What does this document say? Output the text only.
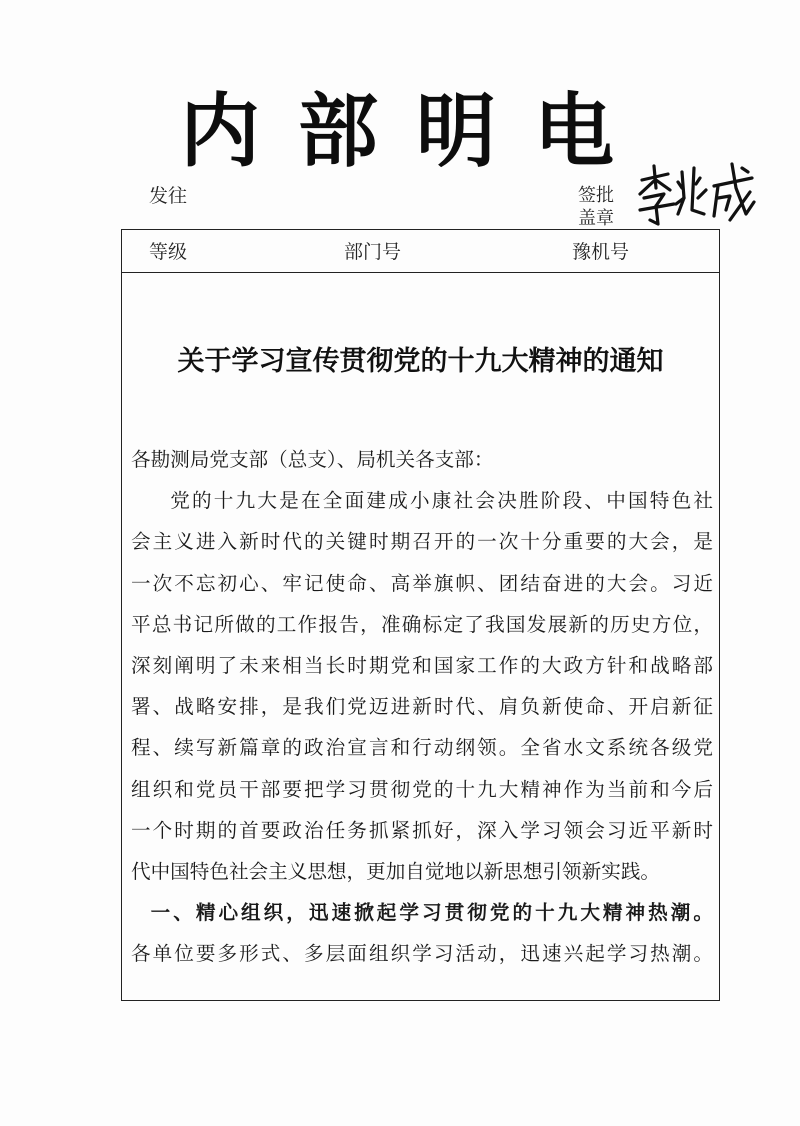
内部明电
发往	签批
盖章
等级	部门号	豫机号
关于学习宣传贯彻党的十九大精神的通知

各勘测局党支部（总支）、局机关各支部：

党的十九大是在全面建成小康社会决胜阶段、中国特色社
会主义进入新时代的关键时期召开的一次十分重要的大会，是
一次不忘初心、牢记使命、高举旗帜、团结奋进的大会。习近
平总书记所做的工作报告，准确标定了我国发展新的历史方位，
深刻阐明了未来相当长时期党和国家工作的大政方针和战略部
署、战略安排，是我们党迈进新时代、肩负新使命、开启新征
程、续写新篇章的政治宣言和行动纲领。全省水文系统各级党
组织和党员干部要把学习贯彻党的十九大精神作为当前和今后
一个时期的首要政治任务抓紧抓好，深入学习领会习近平新时
代中国特色社会主义思想，更加自觉地以新思想引领新实践。
一、精心组织，迅速掀起学习贯彻党的十九大精神热潮。
各单位要多形式、多层面组织学习活动，迅速兴起学习热潮。
